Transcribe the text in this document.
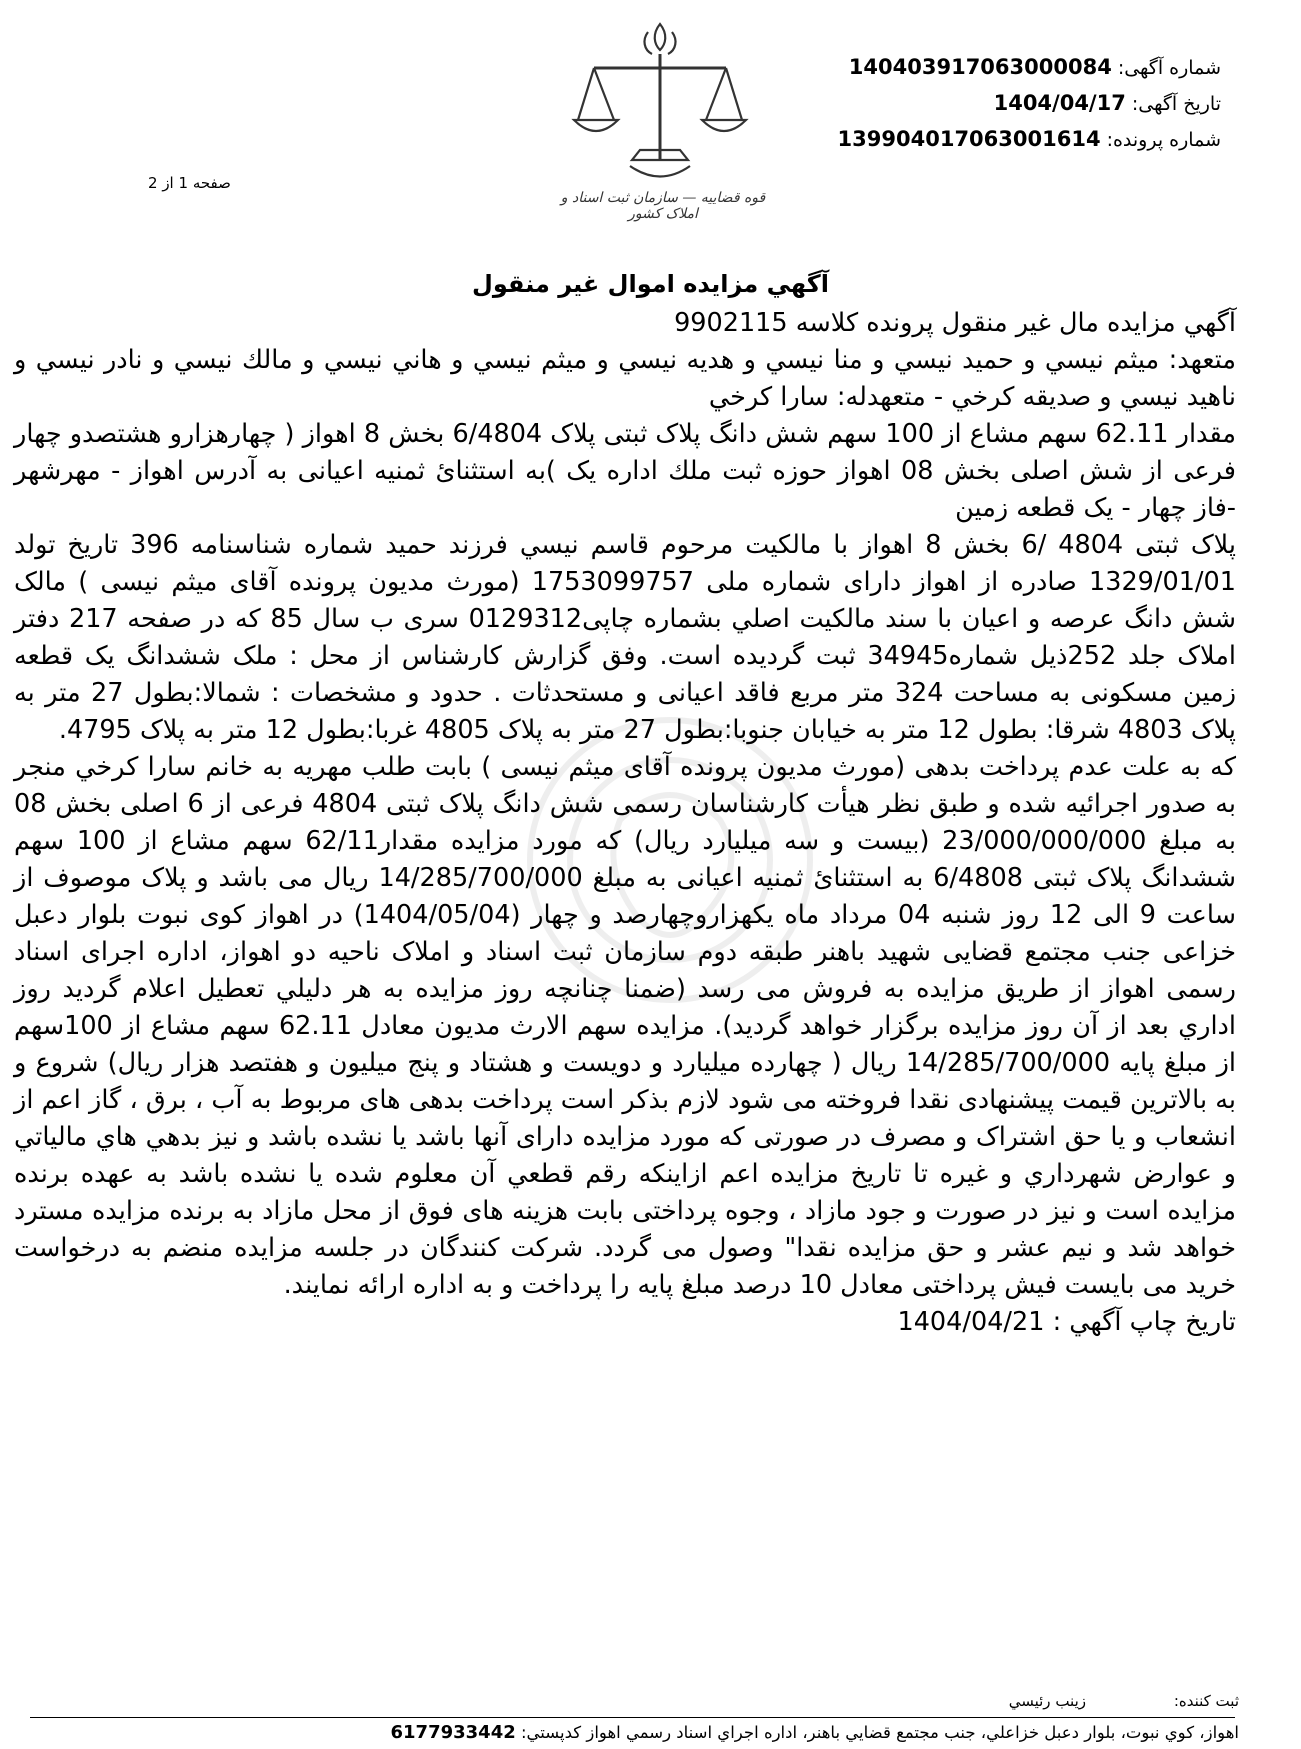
شماره آگهی:140403917063000084
تاریخ آگهی:1404/04/17
شماره پرونده:139904017063001614
قوه قضاییه — سازمان ثبت اسناد و املاک کشور
صفحه 1 از 2
آگهي مزايده اموال غير منقول

آگهي مزايده مال غير منقول پرونده كلاسه 9902115

متعهد: ميثم نيسي و حميد نيسي و منا نيسي و هديه نيسي و ميثم نيسي و هاني نيسي و مالك نيسي و نادر نيسي و ناهيد نيسي و صديقه كرخي - متعهدله: سارا كرخي

مقدار 62.11 سهم مشاع از 100 سهم شش دانگ پلاک ثبتی پلاک 6/4804 بخش 8 اهواز ( چهارهزارو هشتصدو چهار فرعی از شش اصلی بخش 08 اهواز حوزه ثبت ملك اداره يک )به استثنائ ثمنيه اعيانی به آدرس اهواز - مهرشهر -فاز چهار - يک قطعه زمين

پلاک ثبتی 4804 /6 بخش 8 اهواز با مالكيت مرحوم قاسم نيسي فرزند حميد شماره شناسنامه 396 تاريخ تولد 1329/01/01 صادره از اهواز دارای شماره ملی 1753099757 (مورث مديون پرونده آقای ميثم نيسی ) مالک شش دانگ عرصه و اعيان با سند مالكيت اصلي بشماره چاپی0129312 سری ب سال 85 كه در صفحه 217 دفتر املاک جلد 252ذيل شماره34945 ثبت گرديده است. وفق گزارش كارشناس از محل : ملک ششدانگ يک قطعه زمين مسكونی به مساحت 324 متر مربع فاقد اعيانی و مستحدثات . حدود و مشخصات : شمالا:بطول 27 متر به پلاک 4803 شرقا: بطول 12 متر به خيابان جنوبا:بطول 27 متر به پلاک 4805 غربا:بطول 12 متر به پلاک 4795.

كه به علت عدم پرداخت بدهی (مورث مديون پرونده آقای ميثم نيسی ) بابت طلب مهريه به خانم سارا كرخي منجر به صدور اجرائيه شده و طبق نظر هيأت كارشناسان رسمی شش دانگ پلاک ثبتی 4804 فرعی از 6 اصلی بخش 08 به مبلغ 23/000/000/000 (بيست و سه ميليارد ريال) كه مورد مزايده مقدار62/11 سهم مشاع از 100 سهم ششدانگ پلاک ثبتی 6/4808 به استثنائ ثمنيه اعيانی به مبلغ 14/285/700/000 ريال می باشد و پلاک موصوف از ساعت 9 الی 12 روز شنبه 04 مرداد ماه يكهزاروچهارصد و چهار (1404/05/04) در اهواز كوی نبوت بلوار دعبل خزاعی جنب مجتمع قضايی شهيد باهنر طبقه دوم سازمان ثبت اسناد و املاک ناحيه دو اهواز، اداره اجرای اسناد رسمی اهواز از طريق مزايده به فروش می رسد (ضمنا چنانچه روز مزايده به هر دليلي تعطيل اعلام گرديد روز اداري بعد از آن روز مزايده برگزار خواهد گرديد). مزايده سهم الارث مديون معادل 62.11 سهم مشاع از 100سهم از مبلغ پايه 14/285/700/000 ريال ( چهارده ميليارد و دويست و هشتاد و پنج ميليون و هفتصد هزار ريال) شروع و به بالاترين قيمت پيشنهادی نقدا فروخته می شود لازم بذكر است پرداخت بدهی های مربوط به آب ، برق ، گاز اعم از انشعاب و يا حق اشتراک و مصرف در صورتی كه مورد مزايده دارای آنها باشد يا نشده باشد و نيز بدهي هاي مالياتي و عوارض شهرداري و غيره تا تاريخ مزايده اعم ازاينكه رقم قطعي آن معلوم شده يا نشده باشد به عهده برنده مزايده است و نيز در صورت و جود مازاد ، وجوه پرداختی بابت هزينه های فوق از محل مازاد به برنده مزايده مسترد خواهد شد و نيم عشر و حق مزايده نقدا" وصول می گردد. شركت كنندگان در جلسه مزايده منضم به درخواست خريد می بايست فيش پرداختی معادل 10 درصد مبلغ پايه را پرداخت و به اداره ارائه نمايند.

تاريخ چاپ آگهي : 1404/04/21

ثبت كننده:
زينب رئيسي
اهواز، كوي نبوت، بلوار دعبل خزاعلي، جنب مجتمع قضايي باهنر، اداره اجراي اسناد رسمي اهواز كدپستي: 6177933442
